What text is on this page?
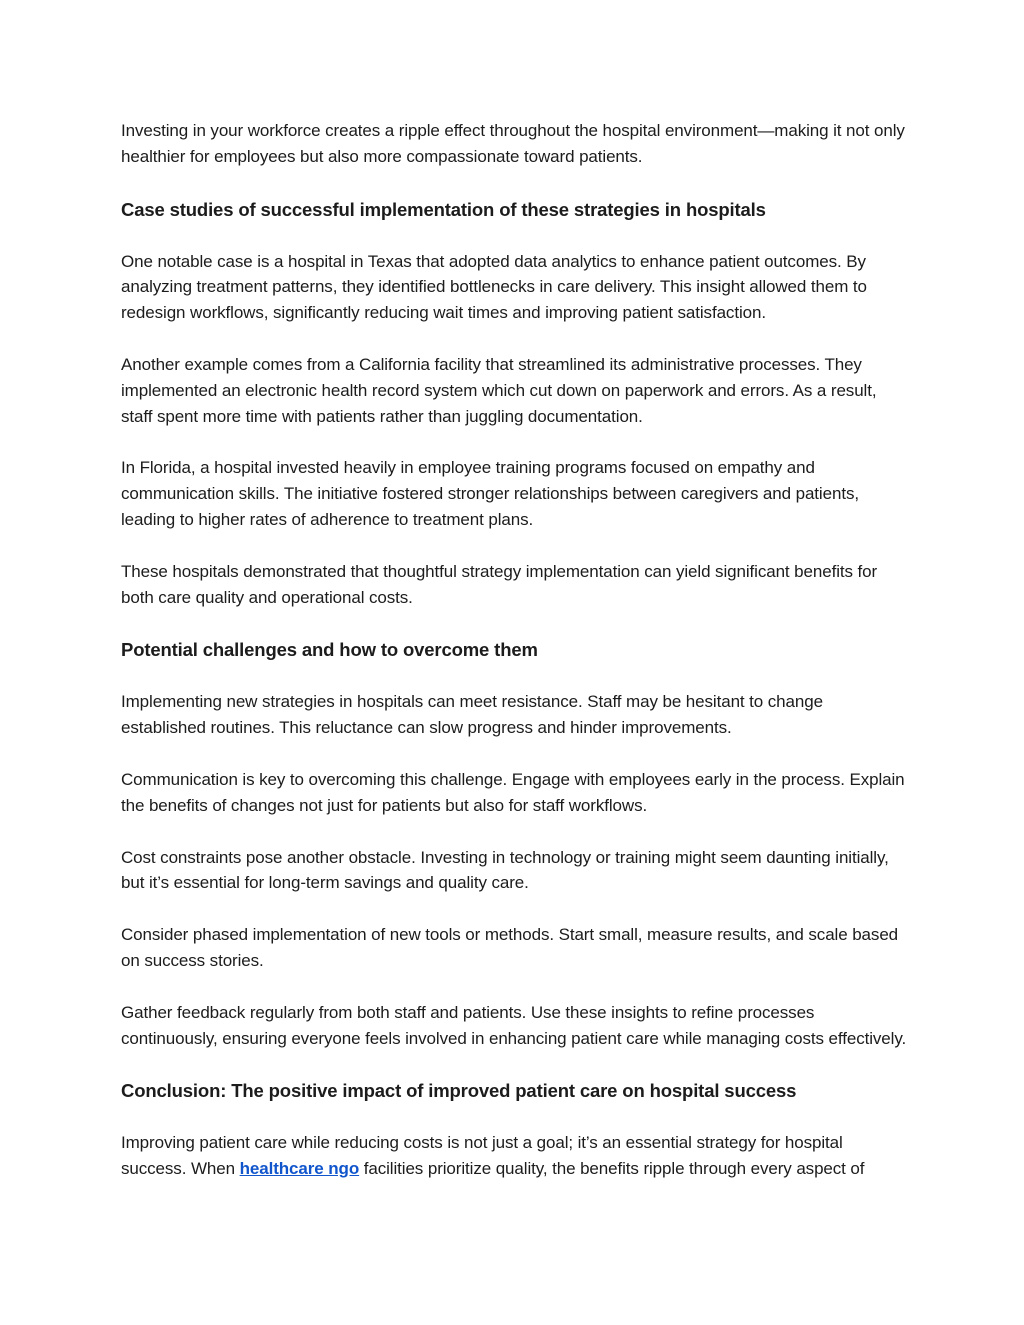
Investing in your workforce creates a ripple effect throughout the hospital environment—making it not only healthier for employees but also more compassionate toward patients.

Case studies of successful implementation of these strategies in hospitals

One notable case is a hospital in Texas that adopted data analytics to enhance patient outcomes. By analyzing treatment patterns, they identified bottlenecks in care delivery. This insight allowed them to redesign workflows, significantly reducing wait times and improving patient satisfaction.

Another example comes from a California facility that streamlined its administrative processes. They implemented an electronic health record system which cut down on paperwork and errors. As a result, staff spent more time with patients rather than juggling documentation.

In Florida, a hospital invested heavily in employee training programs focused on empathy and communication skills. The initiative fostered stronger relationships between caregivers and patients, leading to higher rates of adherence to treatment plans.

These hospitals demonstrated that thoughtful strategy implementation can yield significant benefits for both care quality and operational costs.

Potential challenges and how to overcome them

Implementing new strategies in hospitals can meet resistance. Staff may be hesitant to change established routines. This reluctance can slow progress and hinder improvements.

Communication is key to overcoming this challenge. Engage with employees early in the process. Explain the benefits of changes not just for patients but also for staff workflows.

Cost constraints pose another obstacle. Investing in technology or training might seem daunting initially, but it’s essential for long-term savings and quality care.

Consider phased implementation of new tools or methods. Start small, measure results, and scale based on success stories.

Gather feedback regularly from both staff and patients. Use these insights to refine processes continuously, ensuring everyone feels involved in enhancing patient care while managing costs effectively.

Conclusion: The positive impact of improved patient care on hospital success

Improving patient care while reducing costs is not just a goal; it’s an essential strategy for hospital success. When healthcare ngo facilities prioritize quality, the benefits ripple through every aspect of
